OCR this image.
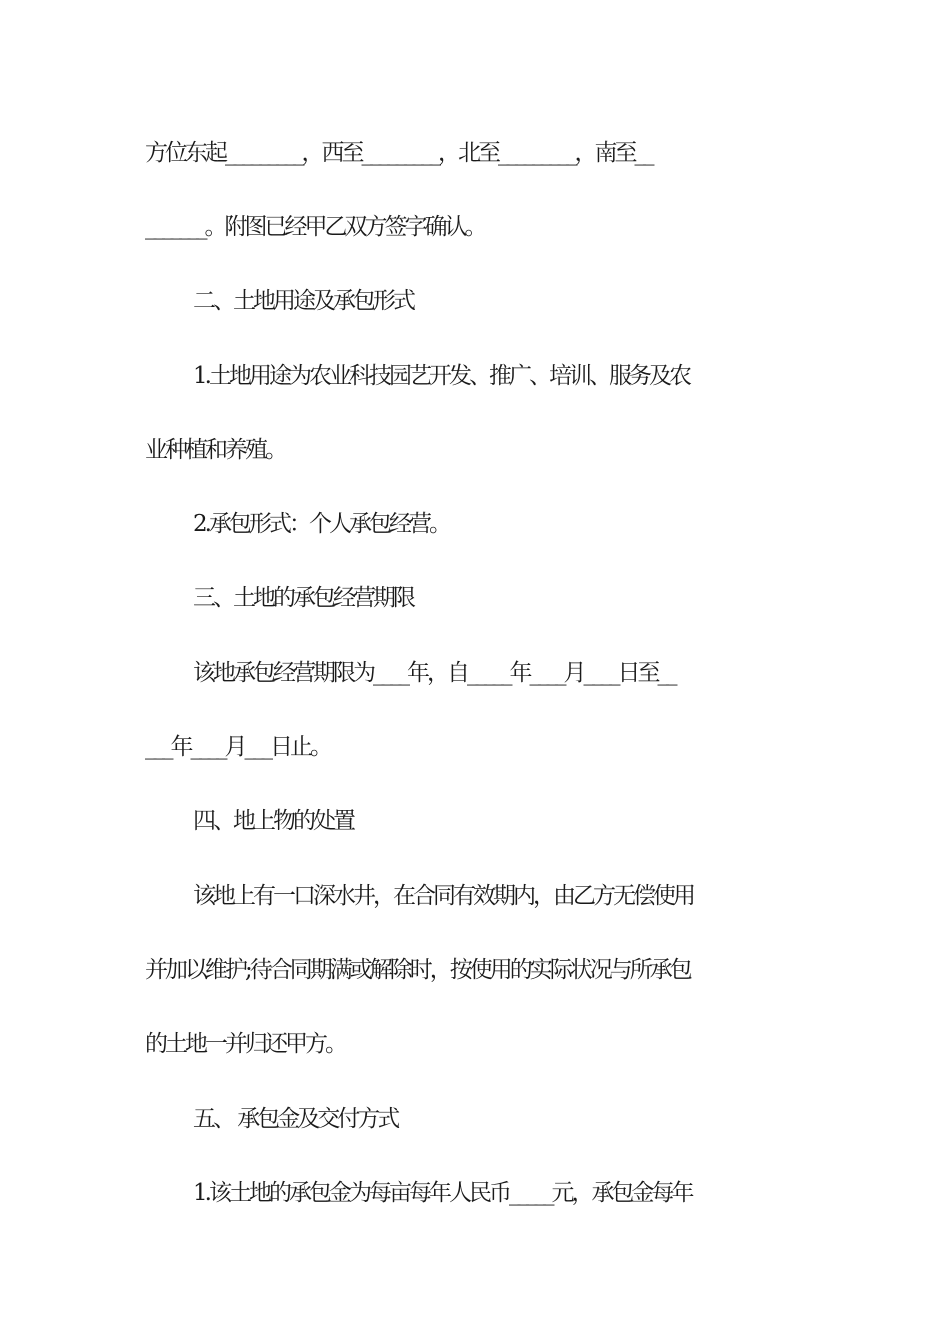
方位东起_________，西至_________，北至_________，南至__
_______。附图已经甲乙双方签字确认。
二、土地用途及承包形式
1.土地用途为农业科技园艺开发、推广、培训、服务及农
业种植和养殖。
2.承包形式：个人承包经营。
三、土地的承包经营期限
该地承包经营期限为____年，自_____年____月____日至__
___年____月___日止。
四、地上物的处置
该地上有一口深水井，在合同有效期内，由乙方无偿使用
并加以维护;待合同期满或解除时，按使用的实际状况与所承包
的土地一并归还甲方。
五、 承包金及交付方式
1.该土地的承包金为每亩每年人民币_____元，承包金每年
